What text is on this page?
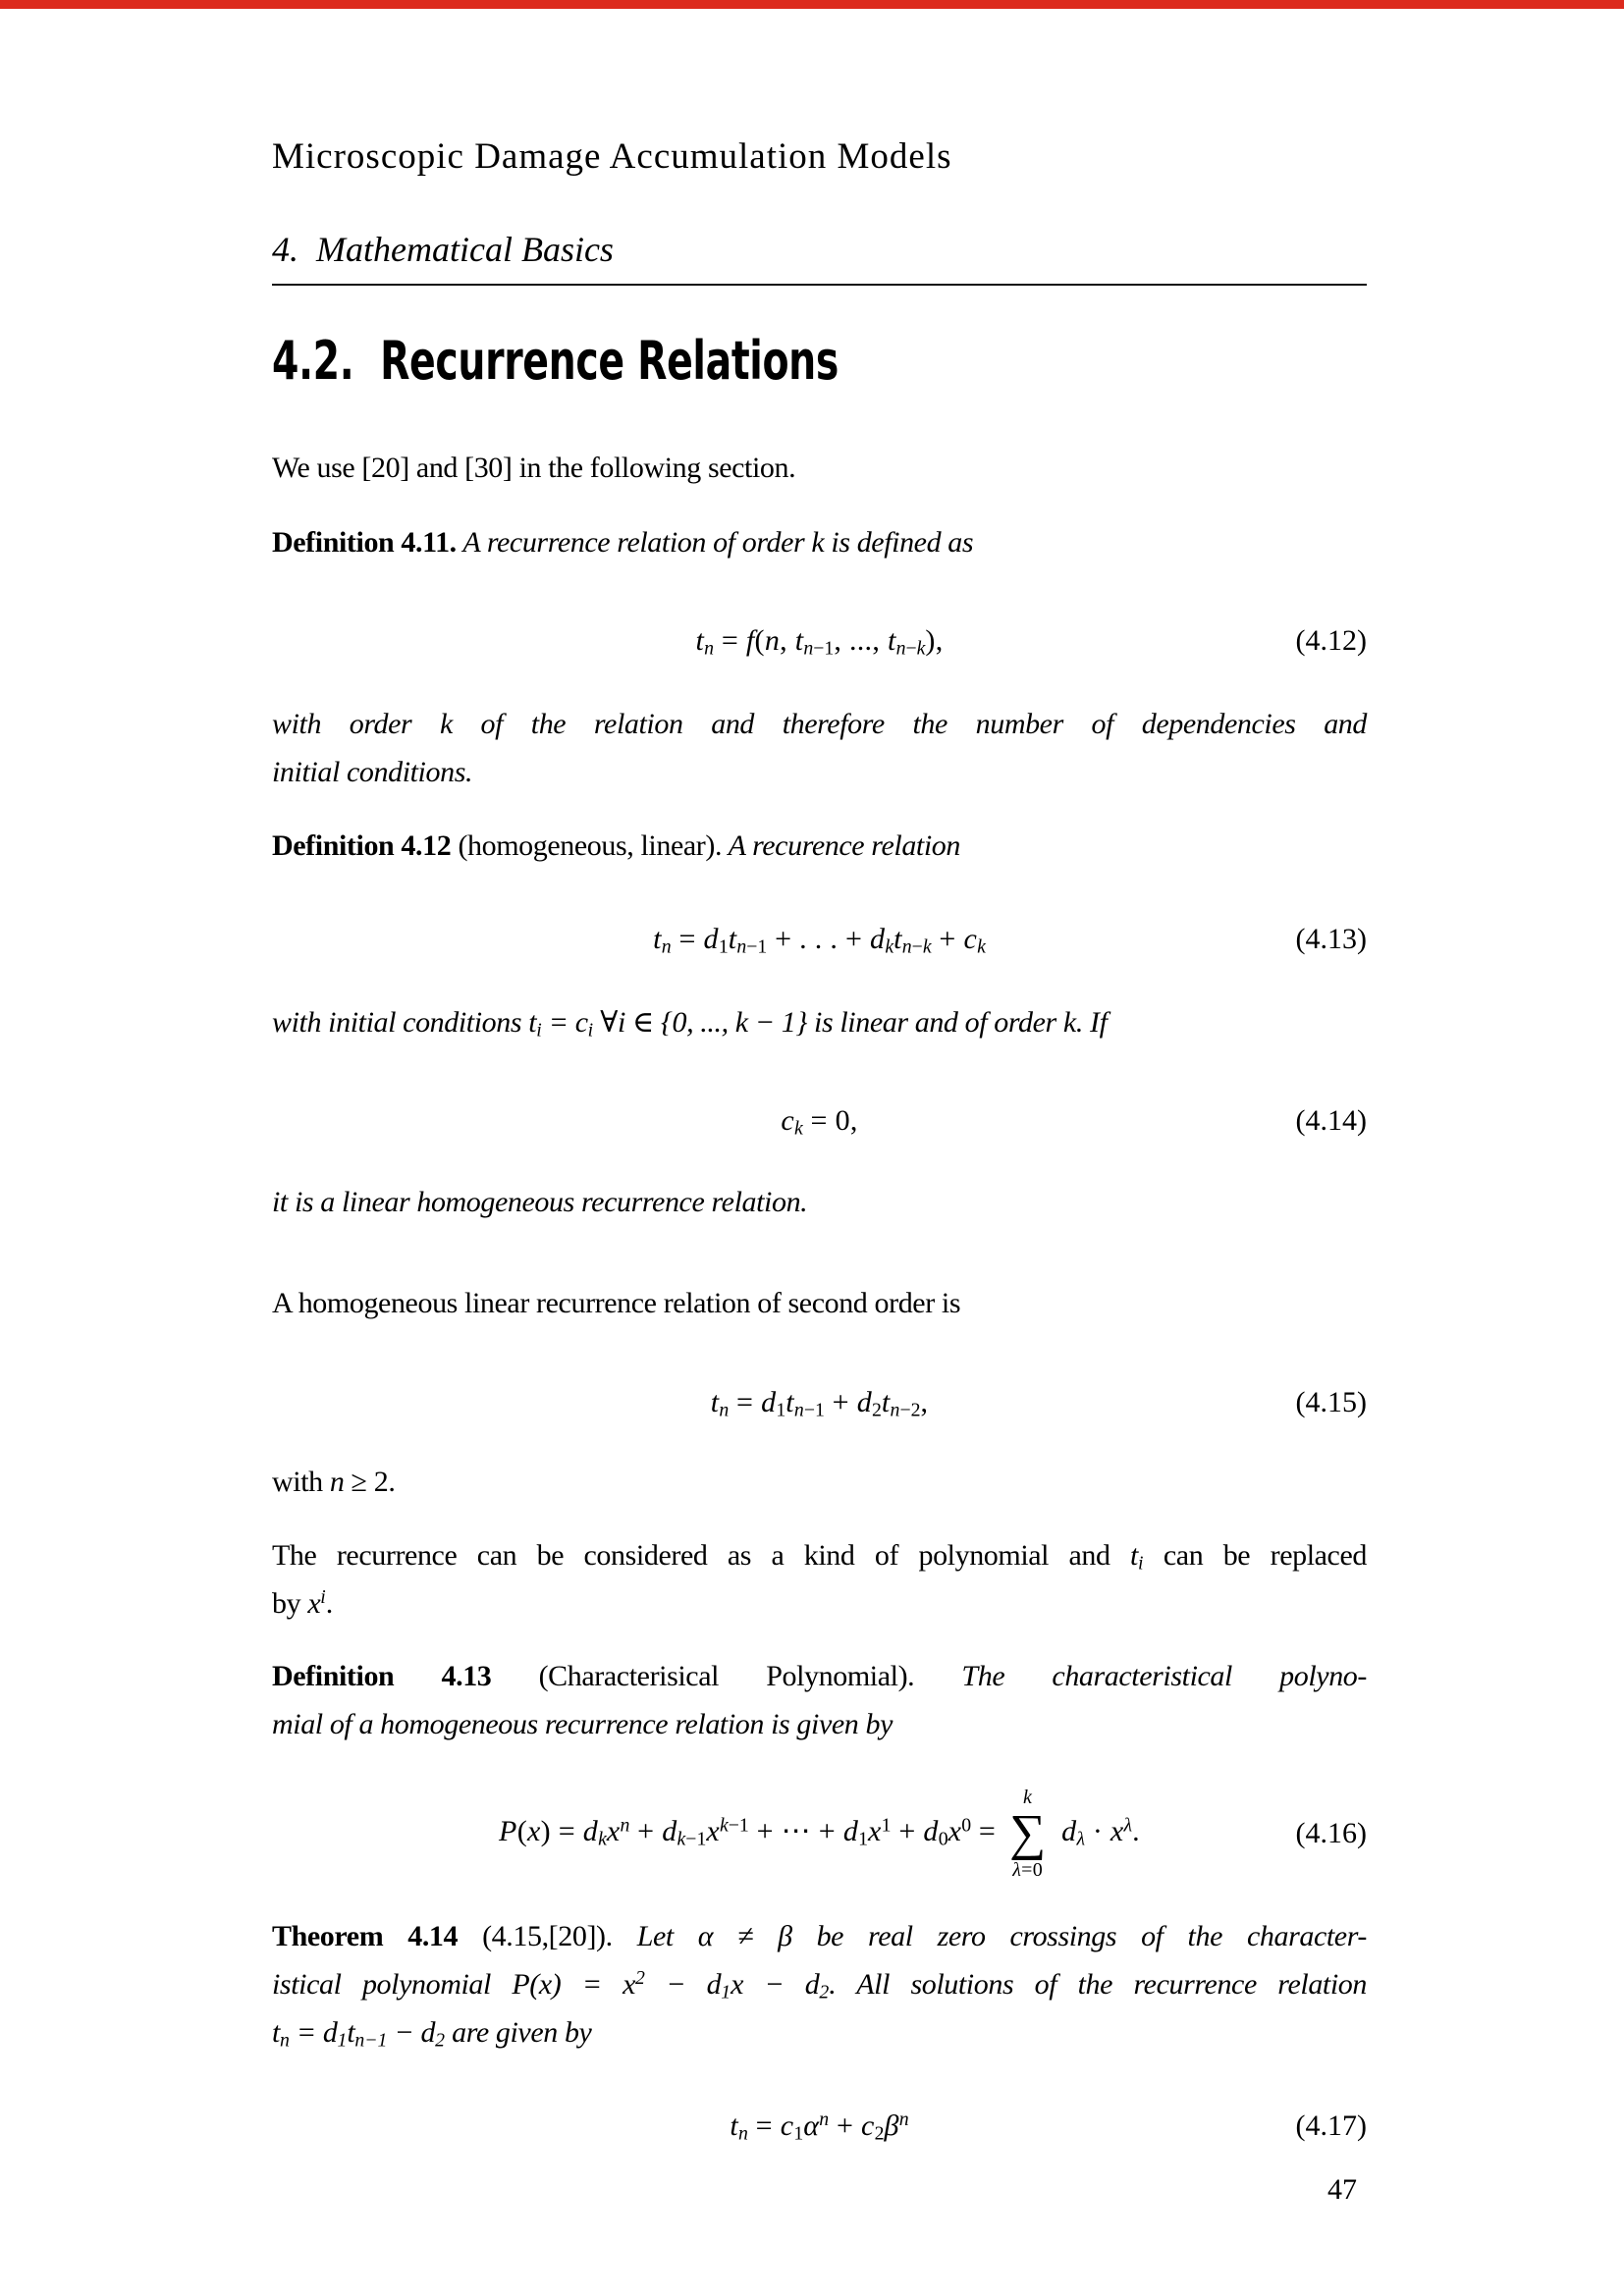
Microscopic Damage Accumulation Models
4.  Mathematical Basics
4.2.  Recurrence Relations
We use [20] and [30] in the following section.
Definition 4.11. A recurrence relation of order k is defined as
$t_n = f(n$, $t_{n-1}$, ..., $t_{n-k}$),	(4.12)
with order k of the relation and therefore the number of dependencies and
initial conditions.
Definition 4.12 (homogeneous, linear). A recurence relation
$t_n = d_1t_{n-1}$ + . . . + $d_kt_{n-k} + c_k$	(4.13)
with initial conditions $t_i = c_i$ ∀i ∈ {0, ..., k − 1} is linear and of order k. If
$c_k = 0$,	(4.14)
it is a linear homogeneous recurrence relation.
A homogeneous linear recurrence relation of second order is
$t_n = d_1t_{n-1} + d_2t_{n-2}$,	(4.15)
with n ≥ 2.
The recurrence can be considered as a kind of polynomial and $t_i$ can be replaced
by $x^i$.
Definition 4.13 (Characterisical Polynomial). The characteristical polyno-
mial of a homogeneous recurrence relation is given by
$P(x) = d_kx^n + d_{k-1}x^{k-1}$ + ⋯ + $d_1x^1 + d_0x^0$ =
k
∑
λ=0
$d_\lambda \cdot x^\lambda$.	(4.16)
Theorem 4.14 (4.15,[20]). Let α ≠ β be real zero crossings of the character-
istical polynomial $P(x) = x^2 - d_1x - d_2$. All solutions of the recurrence relation
$t_n = d_1t_{n-1} - d_2$ are given by
$t_n = c_1\alpha^n + c_2\beta^n$	(4.17)
47
